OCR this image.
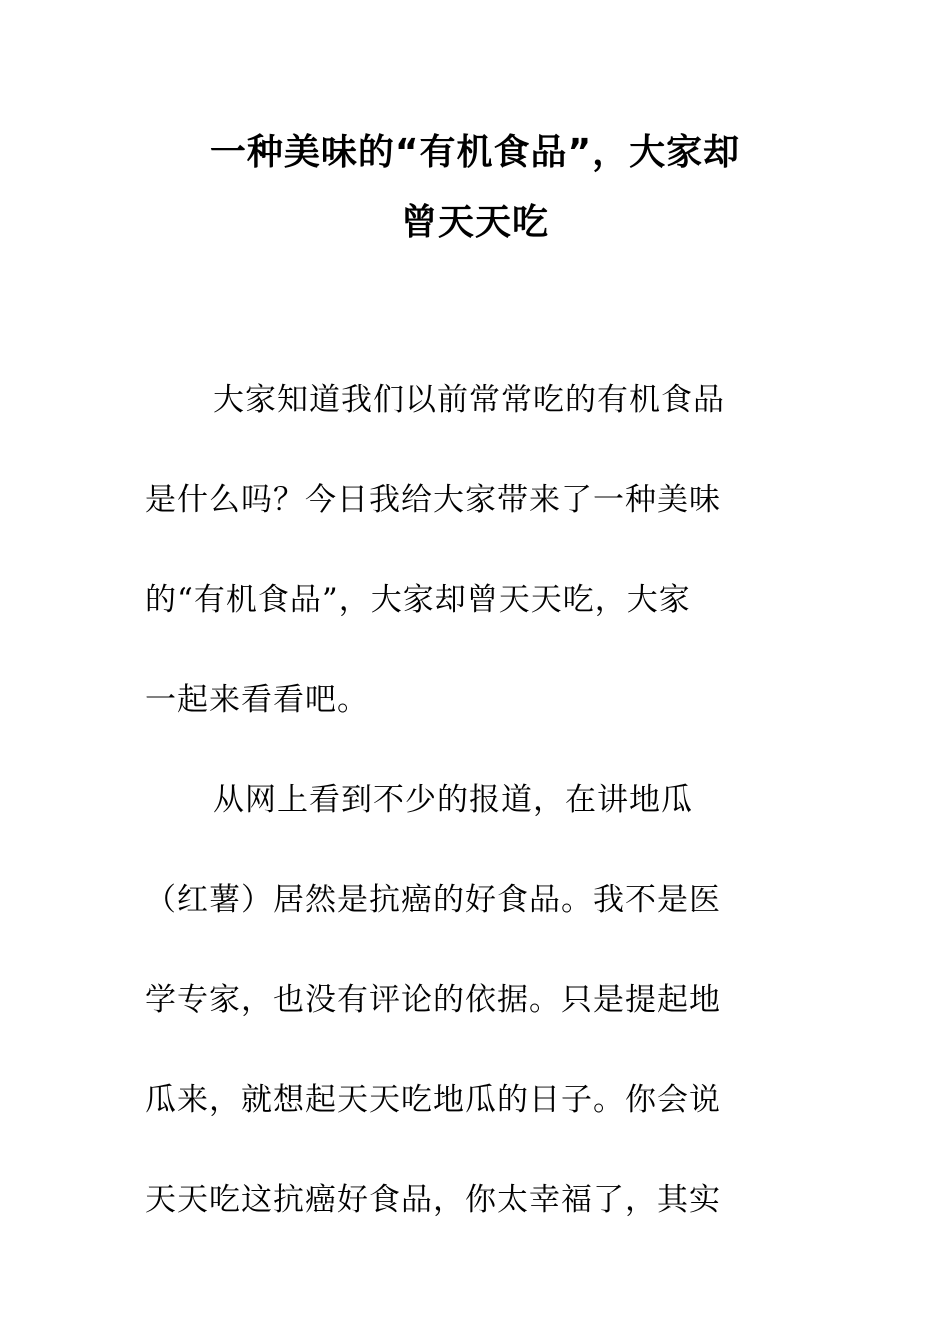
一种美味的“有机食品”，大家却
曾天天吃
大家知道我们以前常常吃的有机食品
是什么吗？今日我给大家带来了一种美味
的“有机食品”，大家却曾天天吃，大家
一起来看看吧。
从网上看到不少的报道，在讲地瓜
（红薯）居然是抗癌的好食品。我不是医
学专家，也没有评论的依据。只是提起地
瓜来，就想起天天吃地瓜的日子。你会说
天天吃这抗癌好食品，你太幸福了，其实
